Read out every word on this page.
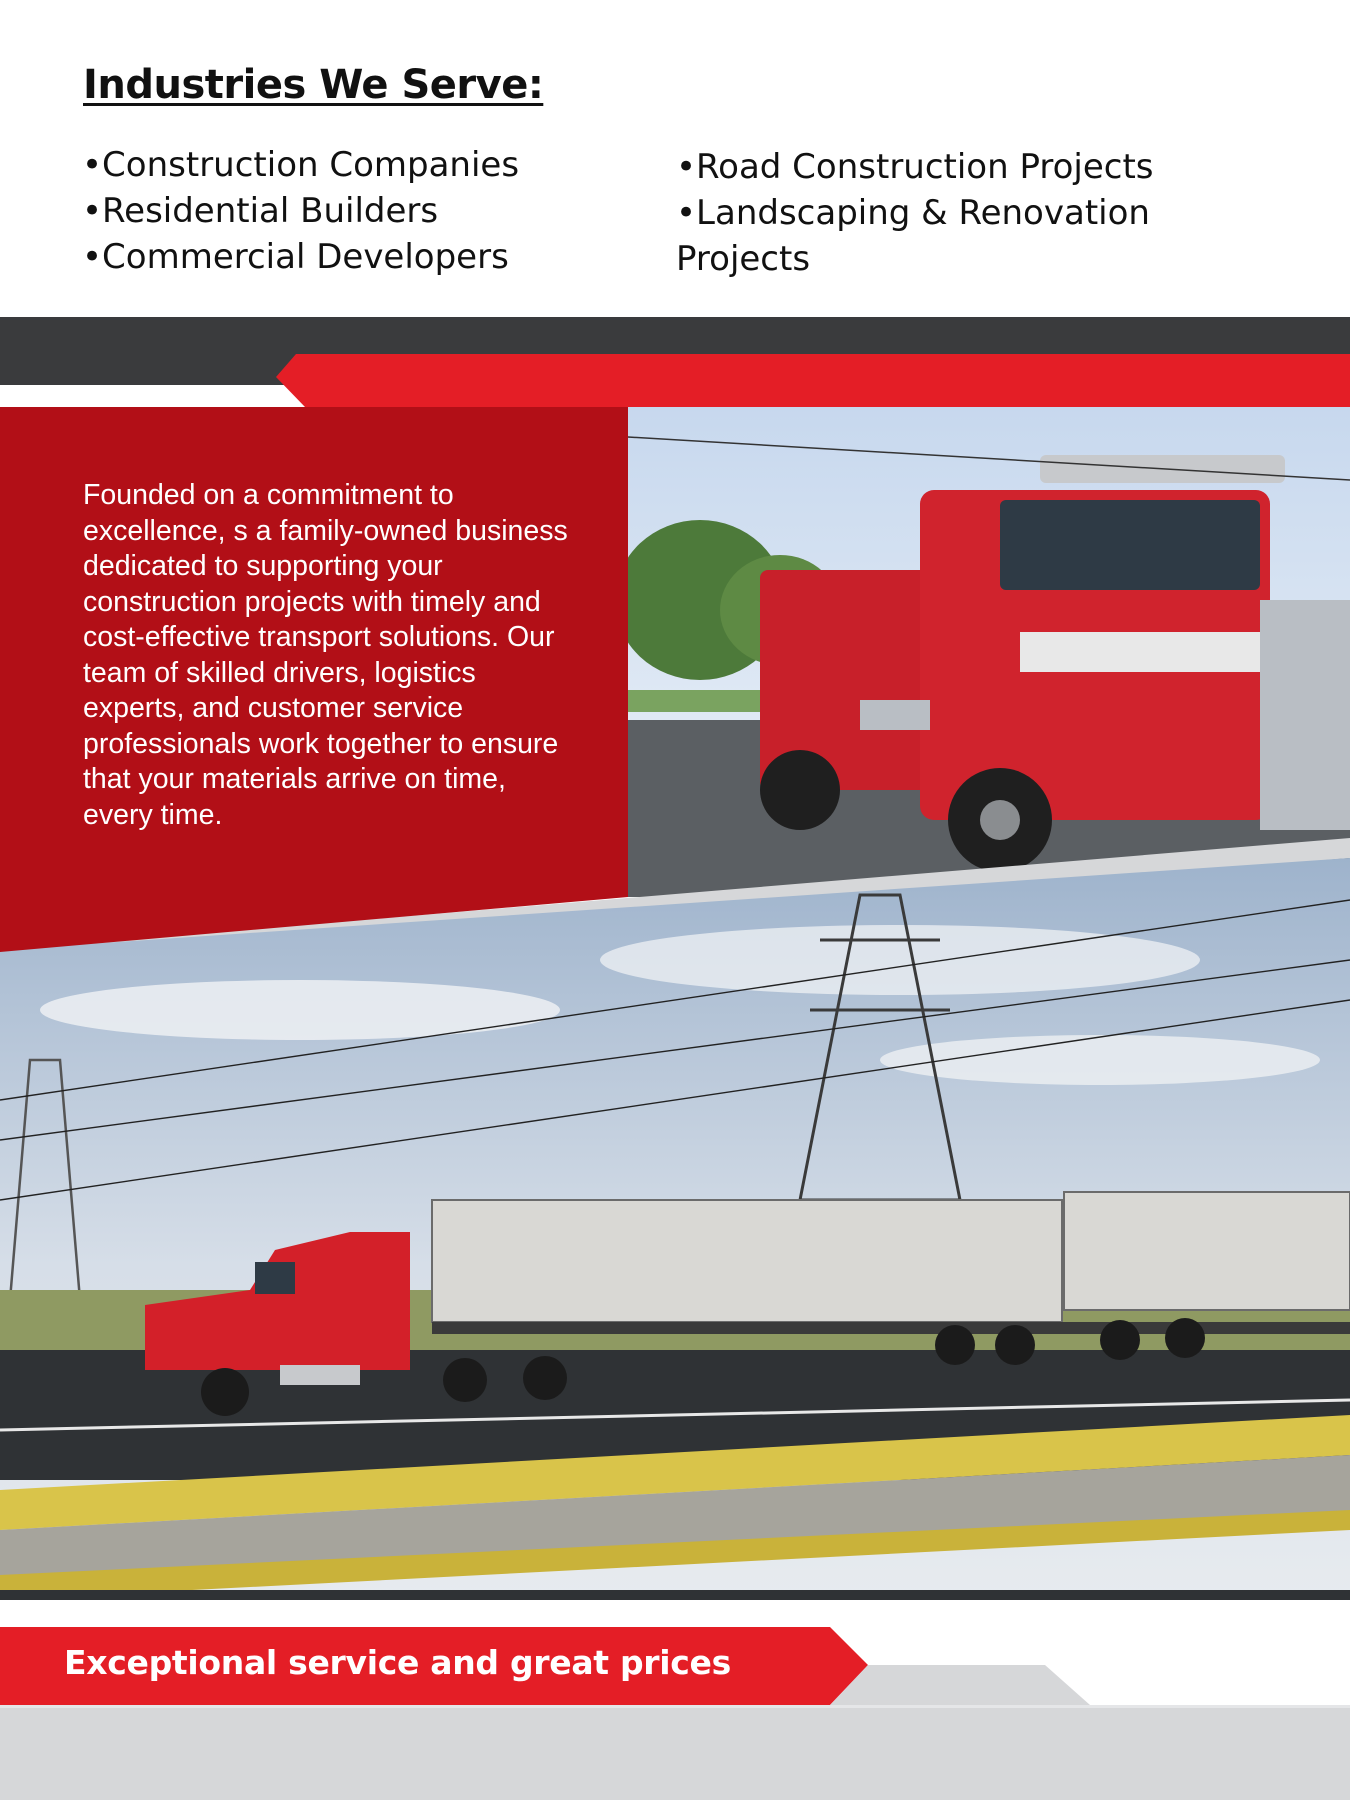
Industries We Serve:
•Construction Companies
•Residential Builders
•Commercial Developers
•Road Construction Projects
•Landscaping & Renovation Projects

Founded on a commitment to excellence, s a family-owned business dedicated to supporting your construction projects with timely and cost-effective transport solutions. Our team of skilled drivers, logistics experts, and customer service professionals work together to ensure that your materials arrive on time, every time.

Exceptional service and great prices
